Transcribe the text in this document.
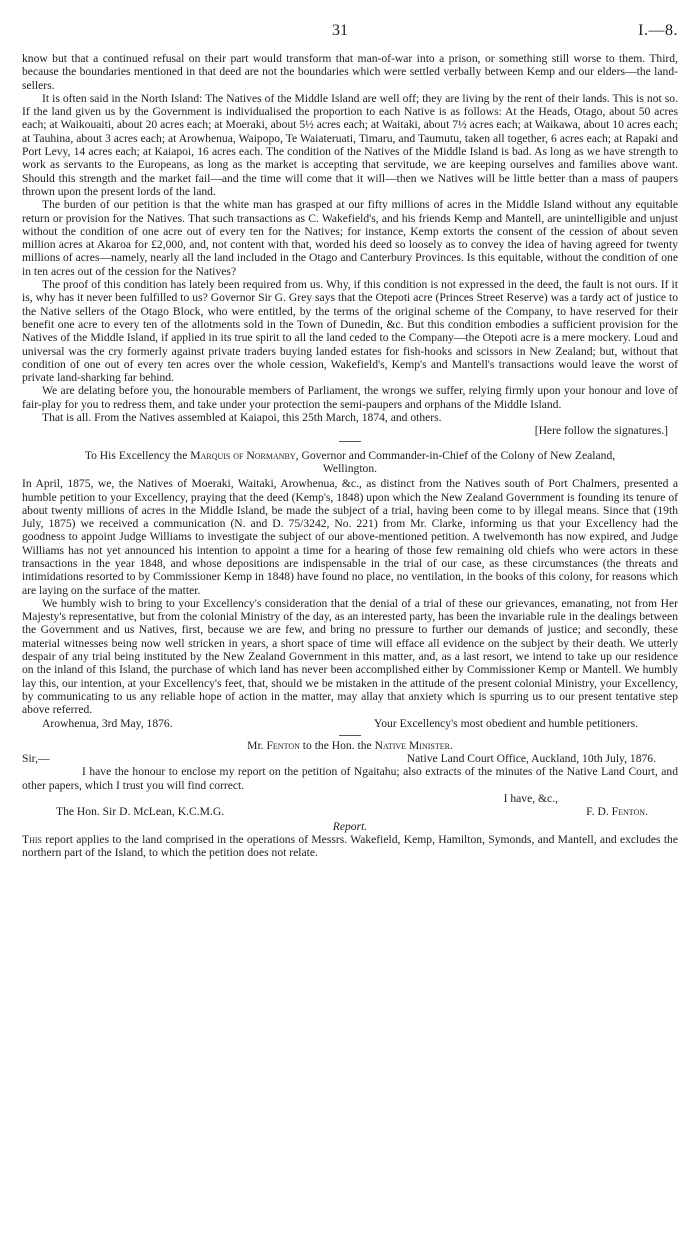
31	I.—8.

know but that a continued refusal on their part would transform that man-of-war into a prison, or something still worse to them. Third, because the boundaries mentioned in that deed are not the boundaries which were settled verbally between Kemp and our elders—the land-sellers.

It is often said in the North Island: The Natives of the Middle Island are well off; they are living by the rent of their lands. This is not so. If the land given us by the Government is individualised the proportion to each Native is as follows: At the Heads, Otago, about 50 acres each; at Waikouaiti, about 20 acres each; at Moeraki, about 5½ acres each; at Waitaki, about 7½ acres each; at Waikawa, about 10 acres each; at Tauhina, about 3 acres each; at Arowhenua, Waipopo, Te Waiateruati, Timaru, and Taumutu, taken all together, 6 acres each; at Rapaki and Port Levy, 14 acres each; at Kaiapoi, 16 acres each. The condition of the Natives of the Middle Island is bad. As long as we have strength to work as servants to the Europeans, as long as the market is accepting that servitude, we are keeping ourselves and families above want. Should this strength and the market fail—and the time will come that it will—then we Natives will be little better than a mass of paupers thrown upon the present lords of the land.

The burden of our petition is that the white man has grasped at our fifty millions of acres in the Middle Island without any equitable return or provision for the Natives. That such transactions as C. Wakefield's, and his friends Kemp and Mantell, are unintelligible and unjust without the condition of one acre out of every ten for the Natives; for instance, Kemp extorts the consent of the cession of about seven million acres at Akaroa for £2,000, and, not content with that, worded his deed so loosely as to convey the idea of having agreed for twenty millions of acres—namely, nearly all the land included in the Otago and Canterbury Provinces. Is this equitable, without the condition of one in ten acres out of the cession for the Natives?

The proof of this condition has lately been required from us. Why, if this condition is not expressed in the deed, the fault is not ours. If it is, why has it never been fulfilled to us? Governor Sir G. Grey says that the Otepoti acre (Princes Street Reserve) was a tardy act of justice to the Native sellers of the Otago Block, who were entitled, by the terms of the original scheme of the Company, to have reserved for their benefit one acre to every ten of the allotments sold in the Town of Dunedin, &c. But this condition embodies a sufficient provision for the Natives of the Middle Island, if applied in its true spirit to all the land ceded to the Company—the Otepoti acre is a mere mockery. Loud and universal was the cry formerly against private traders buying landed estates for fish-hooks and scissors in New Zealand; but, without that condition of one out of every ten acres over the whole cession, Wakefield's, Kemp's and Mantell's transactions would leave the worst of private land-sharking far behind.

We are delating before you, the honourable members of Parliament, the wrongs we suffer, relying firmly upon your honour and love of fair-play for you to redress them, and take under your protection the semi-paupers and orphans of the Middle Island.

That is all. From the Natives assembled at Kaiapoi, this 25th March, 1874, and others.

[Here follow the signatures.]

To His Excellency the Marquis of Normanby, Governor and Commander-in-Chief of the Colony of New Zealand, Wellington.

In April, 1875, we, the Natives of Moeraki, Waitaki, Arowhenua, &c., as distinct from the Natives south of Port Chalmers, presented a humble petition to your Excellency, praying that the deed (Kemp's, 1848) upon which the New Zealand Government is founding its tenure of about twenty millions of acres in the Middle Island, be made the subject of a trial, having been come to by illegal means. Since that (19th July, 1875) we received a communication (N. and D. 75/3242, No. 221) from Mr. Clarke, informing us that your Excellency had the goodness to appoint Judge Williams to investigate the subject of our above-mentioned petition. A twelvemonth has now expired, and Judge Williams has not yet announced his intention to appoint a time for a hearing of those few remaining old chiefs who were actors in these transactions in the year 1848, and whose depositions are indispensable in the trial of our case, as these circumstances (the threats and intimidations resorted to by Commissioner Kemp in 1848) have found no place, no ventilation, in the books of this colony, for reasons which are laying on the surface of the matter.

We humbly wish to bring to your Excellency's consideration that the denial of a trial of these our grievances, emanating, not from Her Majesty's representative, but from the colonial Ministry of the day, as an interested party, has been the invariable rule in the dealings between the Government and us Natives, first, because we are few, and bring no pressure to further our demands of justice; and secondly, these material witnesses being now well stricken in years, a short space of time will efface all evidence on the subject by their death. We utterly despair of any trial being instituted by the New Zealand Government in this matter, and, as a last resort, we intend to take up our residence on the inland of this Island, the purchase of which land has never been accomplished either by Commissioner Kemp or Mantell. We humbly lay this, our intention, at your Excellency's feet, that, should we be mistaken in the attitude of the present colonial Ministry, your Excellency, by communicating to us any reliable hope of action in the matter, may allay that anxiety which is spurring us to our present tentative step above referred.

Arowhenua, 3rd May, 1876.	Your Excellency's most obedient and humble petitioners.

Mr. Fenton to the Hon. the Native Minister.

Sir,—	Native Land Court Office, Auckland, 10th July, 1876.

I have the honour to enclose my report on the petition of Ngaitahu; also extracts of the minutes of the Native Land Court, and other papers, which I trust you will find correct.

I have, &c.,

The Hon. Sir D. McLean, K.C.M.G.	F. D. Fenton.

Report.

This report applies to the land comprised in the operations of Messrs. Wakefield, Kemp, Hamilton, Symonds, and Mantell, and excludes the northern part of the Island, to which the petition does not relate.
